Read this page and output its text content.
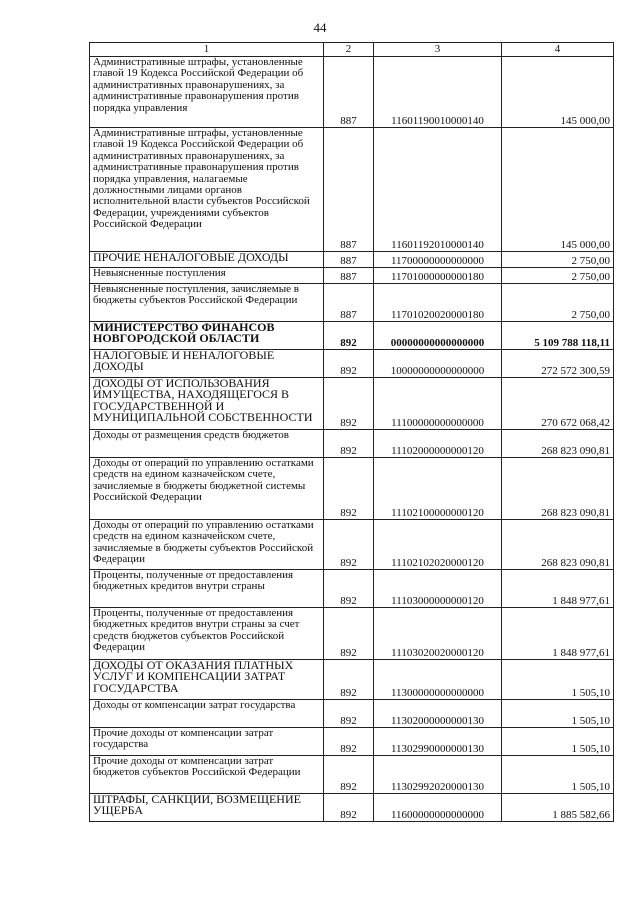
44
1	2	3	4
Административные штрафы, установленные главой 19 Кодекса Российской Федерации об административных правонарушениях, за административные правонарушения против порядка управления	887	11601190010000140	145 000,00
Административные штрафы, установленные главой 19 Кодекса Российской Федерации об административных правонарушениях, за административные правонарушения против порядка управления, налагаемые должностными лицами органов исполнительной власти субъектов Российской Федерации, учреждениями субъектов Российской Федерации	887	11601192010000140	145 000,00
ПРОЧИЕ НЕНАЛОГОВЫЕ ДОХОДЫ	887	11700000000000000	2 750,00
Невыясненные поступления	887	11701000000000180	2 750,00
Невыясненные поступления, зачисляемые в бюджеты субъектов Российской Федерации	887	11701020020000180	2 750,00
МИНИСТЕРСТВО ФИНАНСОВ НОВГОРОДСКОЙ ОБЛАСТИ	892	00000000000000000	5 109 788 118,11
НАЛОГОВЫЕ И НЕНАЛОГОВЫЕ ДОХОДЫ	892	10000000000000000	272 572 300,59
ДОХОДЫ ОТ ИСПОЛЬЗОВАНИЯ ИМУЩЕСТВА, НАХОДЯЩЕГОСЯ В ГОСУДАРСТВЕННОЙ И МУНИЦИПАЛЬНОЙ СОБСТВЕННОСТИ	892	11100000000000000	270 672 068,42
Доходы от размещения средств бюджетов	892	11102000000000120	268 823 090,81
Доходы от операций по управлению остатками средств на едином казначейском счете, зачисляемые в бюджеты бюджетной системы Российской Федерации	892	11102100000000120	268 823 090,81
Доходы от операций по управлению остатками средств на едином казначейском счете, зачисляемые в бюджеты субъектов Российской Федерации	892	11102102020000120	268 823 090,81
Проценты, полученные от предоставления бюджетных кредитов внутри страны	892	11103000000000120	1 848 977,61
Проценты, полученные от предоставления бюджетных кредитов внутри страны за счет средств бюджетов субъектов Российской Федерации	892	11103020020000120	1 848 977,61
ДОХОДЫ ОТ ОКАЗАНИЯ ПЛАТНЫХ УСЛУГ И КОМПЕНСАЦИИ ЗАТРАТ ГОСУДАРСТВА	892	11300000000000000	1 505,10
Доходы от компенсации затрат государства	892	11302000000000130	1 505,10
Прочие доходы от компенсации затрат государства	892	11302990000000130	1 505,10
Прочие доходы от компенсации затрат бюджетов субъектов Российской Федерации	892	11302992020000130	1 505,10
ШТРАФЫ, САНКЦИИ, ВОЗМЕЩЕНИЕ УЩЕРБА	892	11600000000000000	1 885 582,66
